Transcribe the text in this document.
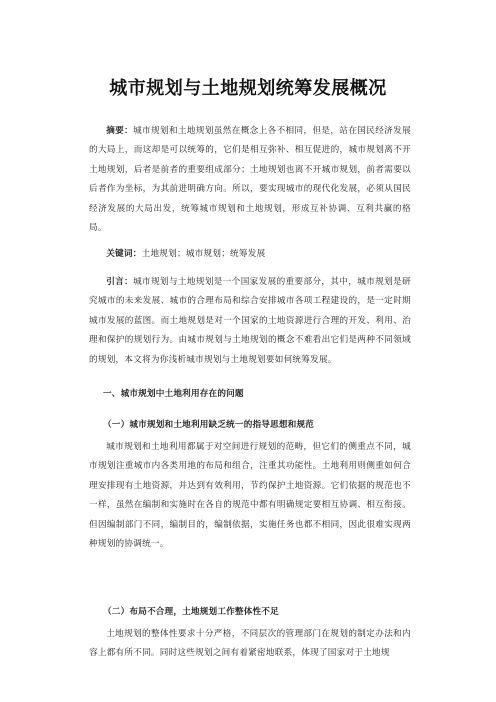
城市规划与土地规划统筹发展概况
摘要：城市规划和土地规划虽然在概念上各不相同，但是，站在国民经济发展的大局上，而这却是可以统筹的，它们是相互弥补、相互促进的，城市规划离不开土地规划，后者是前者的重要组成部分；土地规划也离不开城市规划，前者需要以后者作为坐标，为其前进明确方向。所以，要实现城市的现代化发展，必须从国民经济发展的大局出发，统筹城市规划和土地规划，形成互补协调、互利共赢的格局。
关键词：土地规划；城市规划；统筹发展
引言：城市规划与土地规划是一个国家发展的重要部分，其中，城市规划是研究城市的未来发展、城市的合理布局和综合安排城市各项工程建设的，是一定时期城市发展的蓝图。而土地规划是对一个国家的土地资源进行合理的开发、利用、治理和保护的规划行为。由城市规划与土地规划的概念不难看出它们是两种不同领域的规划，本文将为你浅析城市规划与土地规划要如何统筹发展。
一、城市规划中土地利用存在的问题
（一）城市规划和土地利用缺乏统一的指导思想和规范
城市规划和土地利用都属于对空间进行规划的范畴，但它们的侧重点不同，城市规划注重城市内各类用地的布局和组合，注重其功能性。土地利用则侧重如何合理安排现有土地资源，并达到有效利用，节约保护土地资源。它们依据的规范也不一样，虽然在编制和实施时在各自的规范中都有明确规定要相互协调、相互衔接。但因编制部门不同，编制目的，编制依据，实施任务也都不相同，因此很难实现两种规划的协调统一。
（二）布局不合理，土地规划工作整体性不足
土地规划的整体性要求十分严格，不同层次的管理部门在规划的制定办法和内容上都有所不同。同时这些规划之间有着紧密地联系，体现了国家对于土地规
